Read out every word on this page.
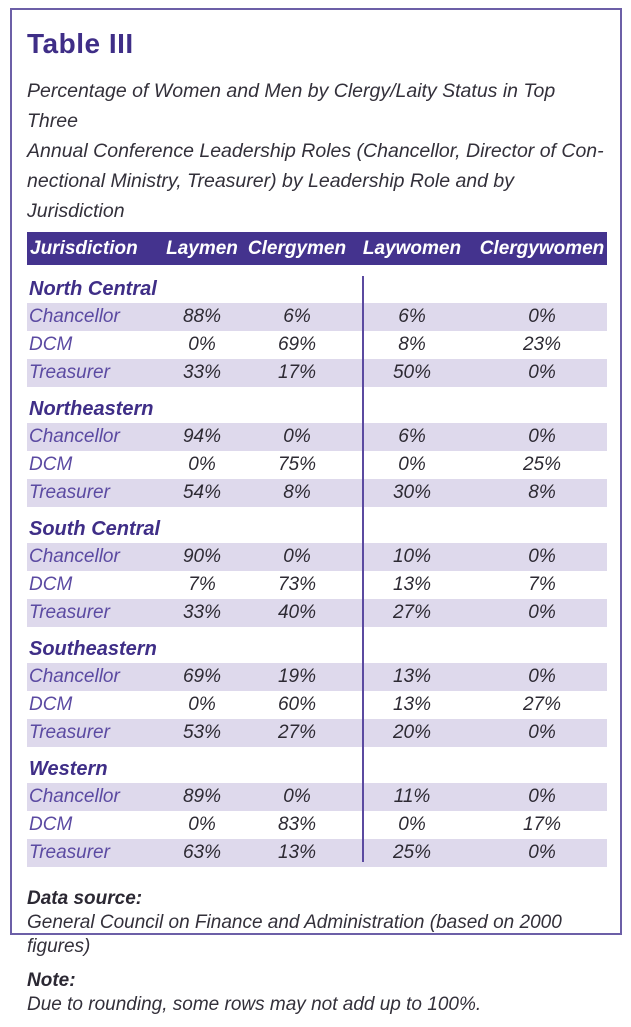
Table III
Percentage of Women and Men by Clergy/Laity Status in Top Three
Annual Conference Leadership Roles (Chancellor, Director of Con-
nectional Ministry, Treasurer) by Leadership Role and by Jurisdiction
Jurisdiction	Laymen Clergymen Laywomen Clergywomen
North Central
Chancellor	88%	6%	6%	0%
DCM	0%	69%	8%	23%
Treasurer	33%	17%	50%	0%
Northeastern
Chancellor	94%	0%	6%	0%
DCM	0%	75%	0%	25%
Treasurer	54%	8%	30%	8%
South Central
Chancellor	90%	0%	10%	0%
DCM	7%	73%	13%	7%
Treasurer	33%	40%	27%	0%
Southeastern
Chancellor	69%	19%	13%	0%
DCM	0%	60%	13%	27%
Treasurer	53%	27%	20%	0%
Western
Chancellor	89%	0%	11%	0%
DCM	0%	83%	0%	17%
Treasurer	63%	13%	25%	0%
Data source:
General Council on Finance and Administration (based on 2000 figures)
Note:
Due to rounding, some rows may not add up to 100%.
